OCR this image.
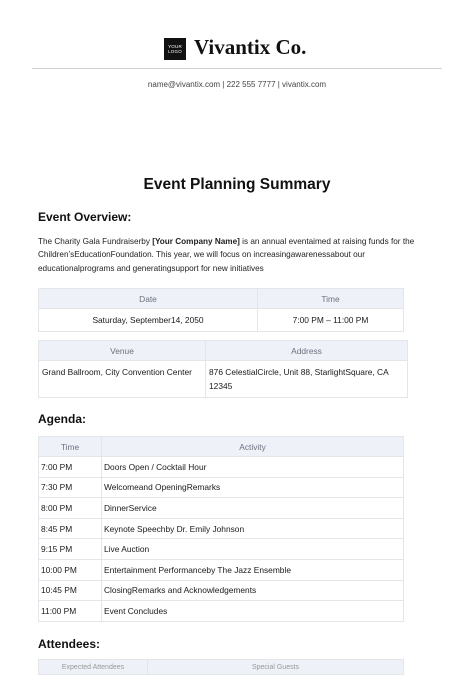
YOUR
LOGO Vivantix Co.
name@vivantix.com | 222 555 7777 | vivantix.com
Event Planning Summary
Event Overview:
The Charity Gala Fundraiserby [Your Company Name] is an annual eventaimed at raising funds for the Children’sEducationFoundation. This year, we will focus on increasingawarenessabout our educationalprograms and generatingsupport for new initiatives
Date	Time
Saturday, September14, 2050	7:00 PM – 11:00 PM
Venue	Address
Grand Ballroom, City Convention Center	876 CelestialCircle, Unit 88, StarlightSquare, CA 12345
Agenda:
Time	Activity
7:00 PM	Doors Open / Cocktail Hour
7:30 PM	Welcomeand OpeningRemarks
8:00 PM	DinnerService
8:45 PM	Keynote Speechby Dr. Emily Johnson
9:15 PM	Live Auction
10:00 PM	Entertainment Performanceby The Jazz Ensemble
10:45 PM	ClosingRemarks and Acknowledgements
11:00 PM	Event Concludes
Attendees:
Expected Attendees	Special Guests
